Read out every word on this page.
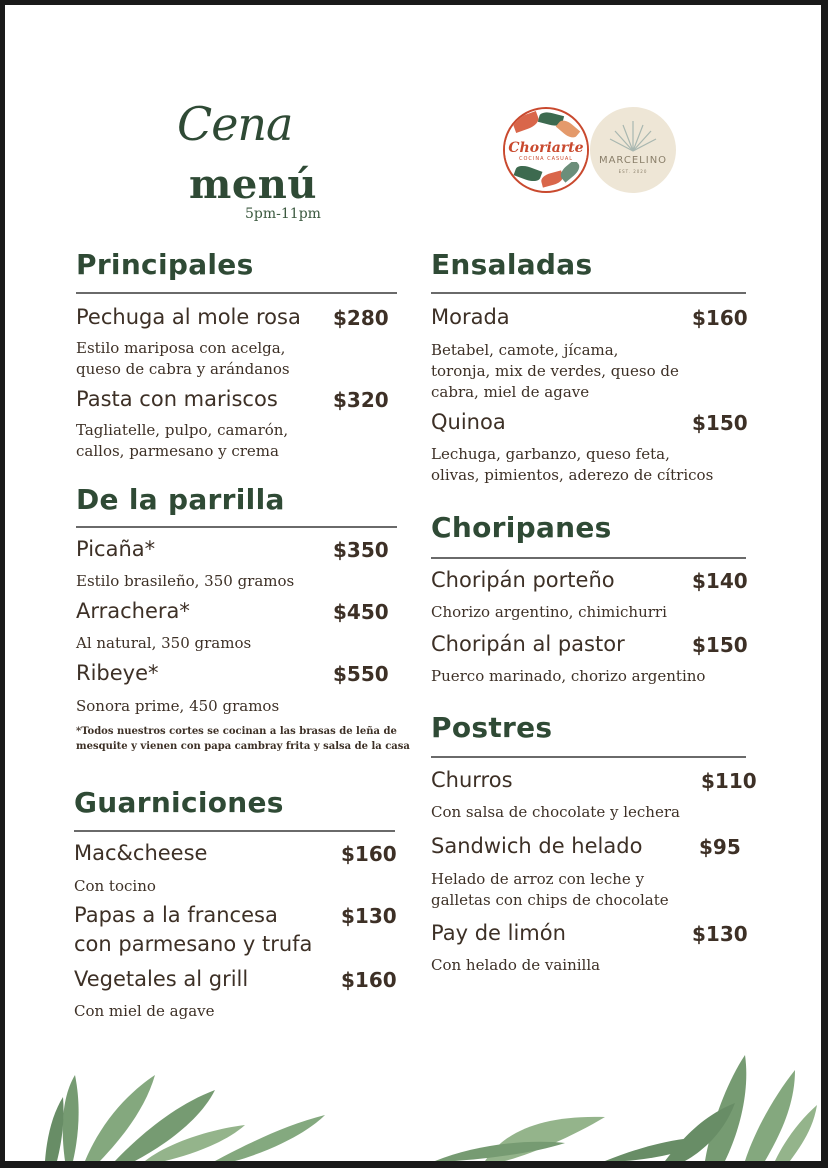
Cena
menú
5pm-11pm
Choriarte
COCINA CASUAL	MARCELINO
EST. 2020
Principales
Pechuga al mole rosa $280
Estilo mariposa con acelga,
queso de cabra y arándanos
Pasta con mariscos	$320
Tagliatelle, pulpo, camarón,
callos, parmesano y crema
De la parrilla
Picaña*	$350
Estilo brasileño, 350 gramos
Arrachera*	$450
Al natural, 350 gramos
Ribeye*	$550
Sonora prime, 450 gramos
*Todos nuestros cortes se cocinan a las brasas de leña de
mesquite y vienen con papa cambray frita y salsa de la casa
Guarniciones
Mac&cheese	$160
Con tocino
Papas a la francesa
con parmesano y trufa
$130
Vegetales al grill	$160
Con miel de agave
Ensaladas
Morada	$160
Betabel, camote, jícama,
toronja, mix de verdes, queso de
cabra, miel de agave
Quinoa	$150
Lechuga, garbanzo, queso feta,
olivas, pimientos, aderezo de cítricos
Choripanes
Choripán porteño	$140
Chorizo argentino, chimichurri
Choripán al pastor	$150
Puerco marinado, chorizo argentino
Postres
Churros	$110
Con salsa de chocolate y lechera
Sandwich de helado	$95
Helado de arroz con leche y
galletas con chips de chocolate
Pay de limón	$130
Con helado de vainilla
